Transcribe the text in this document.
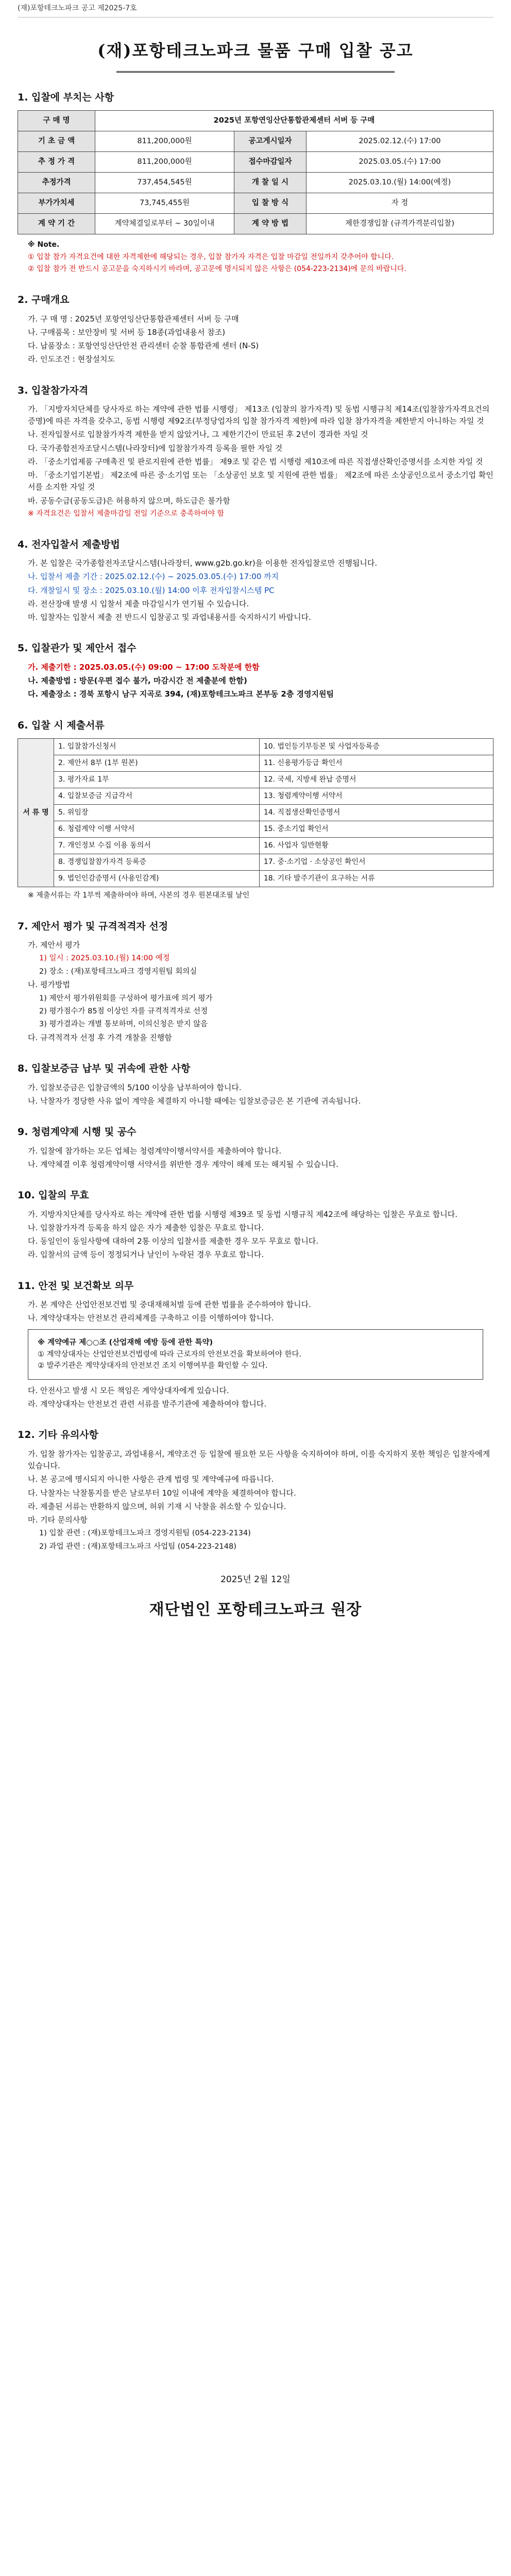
(재)포항테크노파크 공고 제2025-7호
(재)포항테크노파크 물품 구매 입찰 공고
1. 입찰에 부치는 사항
구 매 명	2025년 포항연잉산단통합관제센터 서버 등 구매		
기 초 금 액	811,200,000원	공고게시일자	2025.02.12.(수) 17:00
추 정 가 격	811,200,000원	접수마감일자	2025.03.05.(수) 17:00
추정가격	737,454,545원	개 찰 일 시	2025.03.10.(월) 14:00(예정)
부가가치세	73,745,455원	입 찰 방 식	자 정
계 약 기 간	계약체결일로부터 ~ 30일이내	계 약 방 법	제한경쟁입찰 (규격가격분리입찰)
※ Note.
① 입찰 참가 자격요건에 대한 자격제한에 해당되는 경우, 입찰 참가자 자격은 입찰 마감일 전일까지 갖추어야 합니다.
② 입찰 참가 전 반드시 공고문을 숙지하시기 바라며, 공고문에 명시되지 않은 사항은 (054-223-2134)에 문의 바랍니다.
2. 구매개요
가. 구 매 명 : 2025년 포항연잉산단통합관제센터 서버 등 구매
나. 구매품목 : 보안장비 및 서버 등 18종(과업내용서 참조)
다. 납품장소 : 포항연잉산단안전 관리센터 순찰 통합관제 센터 (N-S)
라. 인도조건 : 현장설치도
3. 입찰참가자격
가. 「지방자치단체를 당사자로 하는 계약에 관한 법률 시행령」 제13조 (입찰의 참가자격) 및 동법 시행규칙 제14조(입찰참가자격요건의 증명)에 따른 자격을 갖추고, 동법 시행령 제92조(부정당업자의 입찰 참가자격 제한)에 따라 입찰 참가자격을 제한받지 아니하는 자일 것
나. 전자입찰서로 입찰참가자격 제한을 받지 않았거나, 그 제한기간이 만료된 후 2년이 경과한 자일 것
다. 국가종합전자조달시스템(나라장터)에 입찰참가자격 등록을 필한 자일 것
라. 「중소기업제품 구매촉진 및 판로지원에 관한 법률」 제9조 및 같은 법 시행령 제10조에 따른 직접생산확인증명서를 소지한 자일 것
마. 「중소기업기본법」 제2조에 따른 중·소기업 또는 「소상공인 보호 및 지원에 관한 법률」 제2조에 따른 소상공인으로서 중소기업 확인서를 소지한 자일 것
바. 공동수급(공동도급)은 허용하지 않으며, 하도급은 불가함
※ 자격요건은 입찰서 제출마감일 전일 기준으로 충족하여야 함
4. 전자입찰서 제출방법
가. 본 입찰은 국가종합전자조달시스템(나라장터, www.g2b.go.kr)을 이용한 전자입찰로만 진행됩니다.
나. 입찰서 제출 기간 : 2025.02.12.(수) ~ 2025.03.05.(수) 17:00 까지
다. 개찰일시 및 장소 : 2025.03.10.(월) 14:00 이후 전자입찰시스템 PC
라. 전산장애 발생 시 입찰서 제출 마감일시가 연기될 수 있습니다.
마. 입찰자는 입찰서 제출 전 반드시 입찰공고 및 과업내용서를 숙지하시기 바랍니다.
5. 입찰관가 및 제안서 접수
가. 제출기한 : 2025.03.05.(수) 09:00 ~ 17:00 도착분에 한함
나. 제출방법 : 방문(우편 접수 불가, 마감시간 전 제출분에 한함)
다. 제출장소 : 경북 포항시 남구 지곡로 394, (재)포항테크노파크 본부동 2층 경영지원팀
6. 입찰 시 제출서류
서 류 명	1. 입찰참가신청서	10. 법인등기부등본 및 사업자등록증
	2. 제안서 8부 (1부 원본)	11. 신용평가등급 확인서
	3. 평가자료 1부	12. 국세, 지방세 완납 증명서
	4. 입찰보증금 지급각서	13. 청렴계약이행 서약서
	5. 위임장	14. 직접생산확인증명서
	6. 청렴계약 이행 서약서	15. 중소기업 확인서
	7. 개인정보 수집 이용 동의서	16. 사업자 일반현황
	8. 경쟁입찰참가자격 등록증	17. 중·소기업 · 소상공인 확인서
	9. 법인인감증명서 (사용인감계)	18. 기타 발주기관이 요구하는 서류
※ 제출서류는 각 1부씩 제출하여야 하며, 사본의 경우 원본대조필 날인
7. 제안서 평가 및 규격적격자 선정
가. 제안서 평가
1) 일시 : 2025.03.10.(월) 14:00 예정
2) 장소 : (재)포항테크노파크 경영지원팀 회의실
나. 평가방법
1) 제안서 평가위원회를 구성하여 평가표에 의거 평가
2) 평가점수가 85점 이상인 자를 규격적격자로 선정
3) 평가결과는 개별 통보하며, 이의신청은 받지 않음
다. 규격적격자 선정 후 가격 개찰을 진행함
8. 입찰보증금 납부 및 귀속에 관한 사항
가. 입찰보증금은 입찰금액의 5/100 이상을 납부하여야 합니다.
나. 낙찰자가 정당한 사유 없이 계약을 체결하지 아니할 때에는 입찰보증금은 본 기관에 귀속됩니다.
9. 청렴계약제 시행 및 공수
가. 입찰에 참가하는 모든 업체는 청렴계약이행서약서를 제출하여야 합니다.
나. 계약체결 이후 청렴계약이행 서약서를 위반한 경우 계약이 해제 또는 해지될 수 있습니다.
10. 입찰의 무효
가. 지방자치단체를 당사자로 하는 계약에 관한 법률 시행령 제39조 및 동법 시행규칙 제42조에 해당하는 입찰은 무효로 합니다.
나. 입찰참가자격 등록을 하지 않은 자가 제출한 입찰은 무효로 합니다.
다. 동일인이 동일사항에 대하여 2통 이상의 입찰서를 제출한 경우 모두 무효로 합니다.
라. 입찰서의 금액 등이 정정되거나 날인이 누락된 경우 무효로 합니다.
11. 안전 및 보건확보 의무
가. 본 계약은 산업안전보건법 및 중대재해처벌 등에 관한 법률을 준수하여야 합니다.
나. 계약상대자는 안전보건 관리체계를 구축하고 이를 이행하여야 합니다.
※ 계약예규 제○○조 (산업재해 예방 등에 관한 특약)
① 계약상대자는 산업안전보건법령에 따라 근로자의 안전보건을 확보하여야 한다.
② 발주기관은 계약상대자의 안전보건 조치 이행여부를 확인할 수 있다.
다. 안전사고 발생 시 모든 책임은 계약상대자에게 있습니다.
라. 계약상대자는 안전보건 관련 서류를 발주기관에 제출하여야 합니다.
12. 기타 유의사항
가. 입찰 참가자는 입찰공고, 과업내용서, 계약조건 등 입찰에 필요한 모든 사항을 숙지하여야 하며, 이를 숙지하지 못한 책임은 입찰자에게 있습니다.
나. 본 공고에 명시되지 아니한 사항은 관계 법령 및 계약예규에 따릅니다.
다. 낙찰자는 낙찰통지를 받은 날로부터 10일 이내에 계약을 체결하여야 합니다.
라. 제출된 서류는 반환하지 않으며, 허위 기재 시 낙찰을 취소할 수 있습니다.
마. 기타 문의사항
1) 입찰 관련 : (재)포항테크노파크 경영지원팀 (054-223-2134)
2) 과업 관련 : (재)포항테크노파크 사업팀 (054-223-2148)
2025년 2월 12일
재단법인 포항테크노파크 원장
